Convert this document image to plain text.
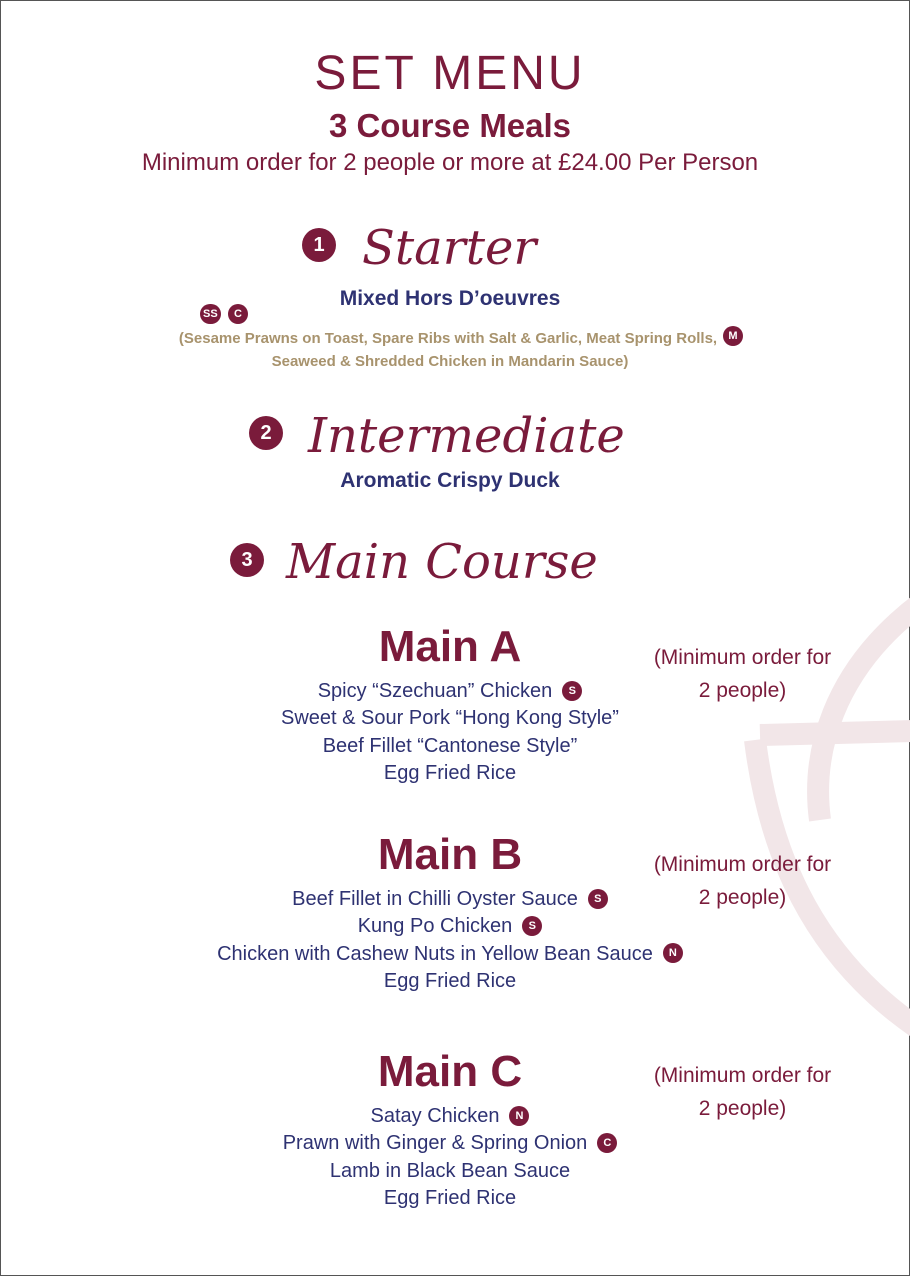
SET MENU
3 Course Meals
Minimum order for 2 people or more at £24.00 Per Person
1 Starter
Mixed Hors D’oeuvres
SS	C
(Sesame Prawns on Toast, Spare Ribs with Salt & Garlic, Meat Spring Rolls,	M
Seaweed & Shredded Chicken in Mandarin Sauce)
2 Intermediate
Aromatic Crispy Duck
3 Main Course
Main A	(Minimum order for
2 people)
Spicy “Szechuan” Chicken S
Sweet & Sour Pork “Hong Kong Style”
Beef Fillet “Cantonese Style”
Egg Fried Rice
Main B	(Minimum order for
2 people)
Beef Fillet in Chilli Oyster Sauce S
Kung Po Chicken S
Chicken with Cashew Nuts in Yellow Bean Sauce N
Egg Fried Rice
Main C	(Minimum order for
2 people)
Satay Chicken N
Prawn with Ginger & Spring Onion C
Lamb in Black Bean Sauce
Egg Fried Rice
